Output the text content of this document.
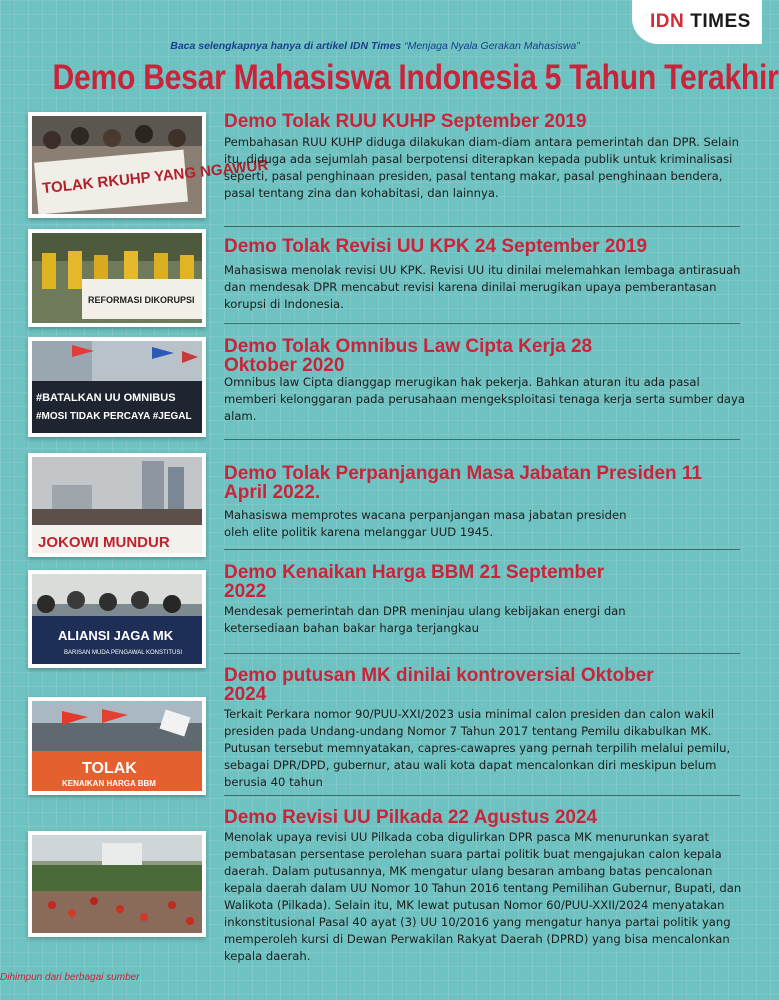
IDN TIMES
Baca selengkapnya hanya di artikel IDN Times “Menjaga Nyala Gerakan Mahasiswa”
Demo Besar Mahasiswa Indonesia 5 Tahun Terakhir
TOLAK RKUHP YANG NGAWUR
Demo Tolak RUU KUHP September 2019

Pembahasan RUU KUHP diduga dilakukan diam-diam antara pemerintah dan DPR. Selain itu, diduga ada sejumlah pasal berpotensi diterapkan kepada publik untuk kriminalisasi seperti, pasal penghinaan presiden, pasal tentang makar, pasal penghinaan bendera, pasal tentang zina dan kohabitasi, dan lainnya.

REFORMASI DIKORUPSI
Demo Tolak Revisi UU KPK 24 September 2019

Mahasiswa menolak revisi UU KPK. Revisi UU itu dinilai melemahkan lembaga antirasuah dan mendesak DPR mencabut revisi karena dinilai merugikan upaya pemberantasan korupsi di Indonesia.

#BATALKAN UU OMNIBUS
#MOSI TIDAK PERCAYA #JEGAL
Demo Tolak Omnibus Law Cipta Kerja 28 Oktober 2020

Omnibus law Cipta dianggap merugikan hak pekerja. Bahkan aturan itu ada pasal memberi kelonggaran pada perusahaan mengeksploitasi tenaga kerja serta sumber daya alam.

JOKOWI MUNDUR
Demo Tolak Perpanjangan Masa Jabatan Presiden 11 April 2022.

Mahasiswa memprotes wacana perpanjangan masa jabatan presiden oleh elite politik karena melanggar UUD 1945.

ALIANSI JAGA MK
BARISAN MUDA PENGAWAL KONSTITUSI
Demo Kenaikan Harga BBM 21 September 2022

Mendesak pemerintah dan DPR meninjau ulang kebijakan energi dan ketersediaan bahan bakar harga terjangkau

TOLAK
KENAIKAN HARGA BBM
Demo putusan MK dinilai kontroversial Oktober 2024

Terkait Perkara nomor 90/PUU-XXI/2023 usia minimal calon presiden dan calon wakil presiden pada Undang-undang Nomor 7 Tahun 2017 tentang Pemilu dikabulkan MK. Putusan tersebut memnyatakan, capres-cawapres yang pernah terpilih melalui pemilu, sebagai DPR/DPD, gubernur, atau wali kota dapat mencalonkan diri meskipun belum berusia 40 tahun

Demo Revisi UU Pilkada 22 Agustus 2024

Menolak upaya revisi UU Pilkada coba digulirkan DPR pasca MK menurunkan syarat pembatasan persentase perolehan suara partai politik buat mengajukan calon kepala daerah. Dalam putusannya, MK mengatur ulang besaran ambang batas pencalonan kepala daerah dalam UU Nomor 10 Tahun 2016 tentang Pemilihan Gubernur, Bupati, dan Walikota (Pilkada). Selain itu, MK lewat putusan Nomor 60/PUU-XXII/2024 menyatakan inkonstitusional Pasal 40 ayat (3) UU 10/2016 yang mengatur hanya partai politik yang memperoleh kursi di Dewan Perwakilan Rakyat Daerah (DPRD) yang bisa mencalonkan kepala daerah.

Dihimpun dari berbagai sumber
